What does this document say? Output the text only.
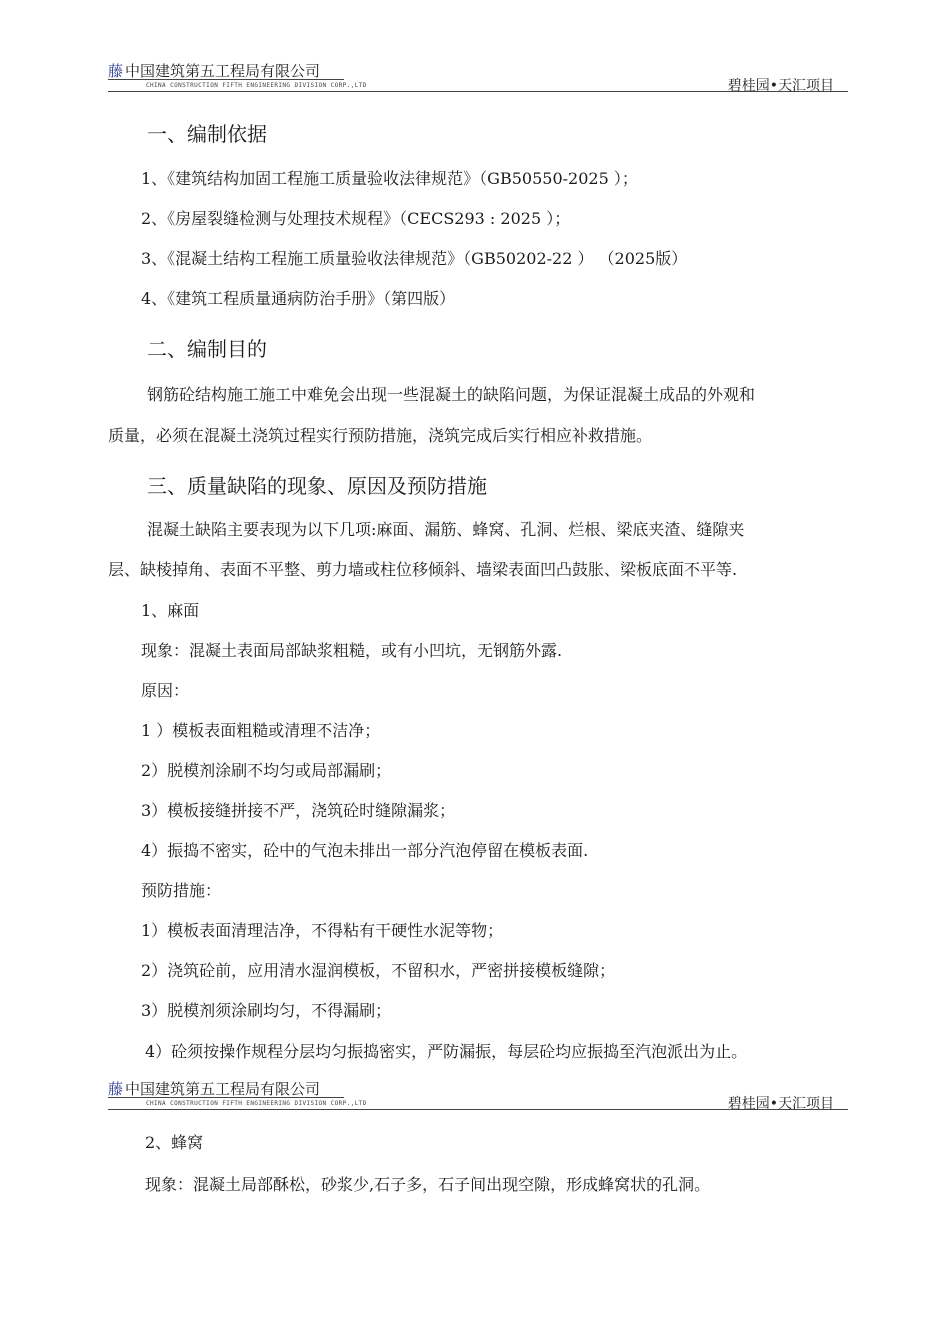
藤 中国建筑第五工程局有限公司
CHINA CONSTRUCTION FIFTH ENGINEERING DIVISION CORP.,LTD	碧桂园•天汇项目
一、编制依据
1、《建筑结构加固工程施工质量验收法律规范》（GB50550-2025 ）；
2、《房屋裂缝检测与处理技术规程》（CECS293 : 2025 ）；
3、《混凝土结构工程施工质量验收法律规范》（GB50202-22 ） （2025版）
4、《建筑工程质量通病防治手册》（第四版）
二、编制目的
钢筋砼结构施工施工中难免会出现一些混凝土的缺陷问题，为保证混凝土成品的外观和
质量，必须在混凝土浇筑过程实行预防措施，浇筑完成后实行相应补救措施。
三、质量缺陷的现象、原因及预防措施
混凝土缺陷主要表现为以下几项:麻面、漏筋、蜂窝、孔洞、烂根、梁底夹渣、缝隙夹
层、缺棱掉角、表面不平整、剪力墙或柱位移倾斜、墙梁表面凹凸鼓胀、梁板底面不平等.
1、麻面
现象：混凝土表面局部缺浆粗糙，或有小凹坑，无钢筋外露.
原因：
1 ）模板表面粗糙或清理不洁净；
2）脱模剂涂刷不均匀或局部漏刷；
3）模板接缝拼接不严，浇筑砼时缝隙漏浆；
4）振捣不密实，砼中的气泡未排出一部分汽泡停留在模板表面.
预防措施：
1）模板表面清理洁净，不得粘有干硬性水泥等物；
2）浇筑砼前，应用清水湿润模板，不留积水，严密拼接模板缝隙；
3）脱模剂须涂刷均匀，不得漏刷；
4）砼须按操作规程分层均匀振捣密实，严防漏振，每层砼均应振捣至汽泡派出为止。
藤 中国建筑第五工程局有限公司
CHINA CONSTRUCTION FIFTH ENGINEERING DIVISION CORP.,LTD	碧桂园•天汇项目
2、蜂窝
现象：混凝土局部酥松，砂浆少,石子多，石子间出现空隙，形成蜂窝状的孔洞。
